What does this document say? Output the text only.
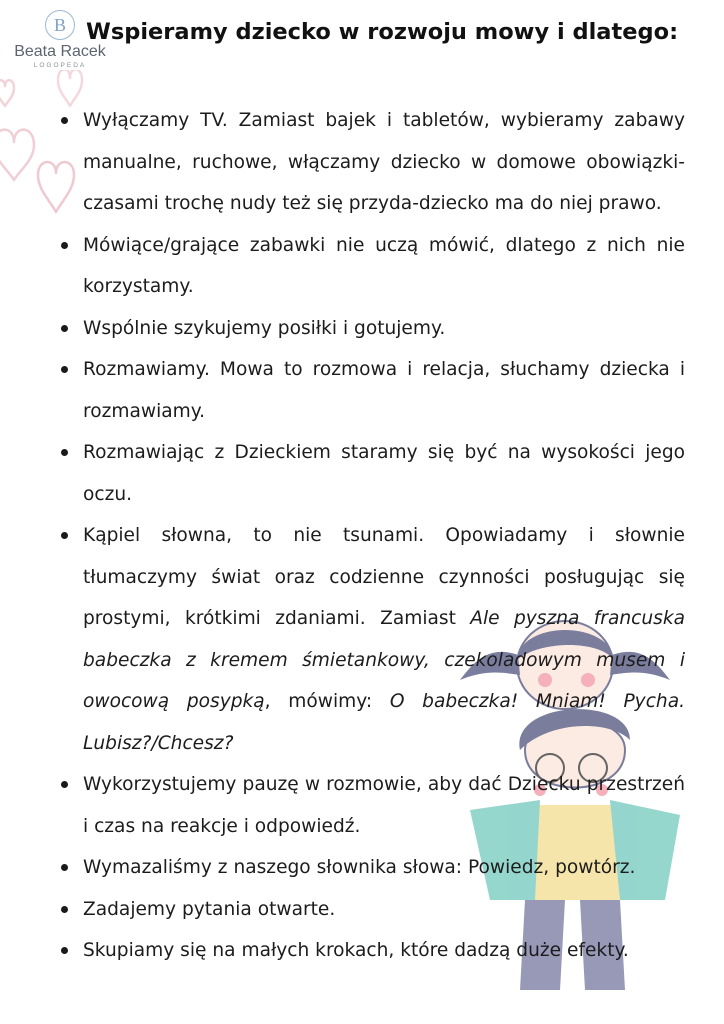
B
Beata Racek
LOGOPEDA
Wspieramy dziecko w rozwoju mowy i dlatego:
Wyłączamy TV. Zamiast bajek i tabletów, wybieramy zabawy manualne, ruchowe, włączamy dziecko w domowe obowiązki- czasami trochę nudy też się przyda-dziecko ma do niej prawo.
Mówiące/grające zabawki nie uczą mówić, dlatego z nich nie korzystamy.
Wspólnie szykujemy posiłki i gotujemy.
Rozmawiamy. Mowa to rozmowa i relacja, słuchamy dziecka i rozmawiamy.
Rozmawiając z Dzieckiem staramy się być na wysokości jego oczu.
Kąpiel słowna, to nie tsunami. Opowiadamy i słownie tłumaczymy świat oraz codzienne czynności posługując się prostymi, krótkimi zdaniami. Zamiast Ale pyszna francuska babeczka z kremem śmietankowy, czekoladowym musem i owocową posypką, mówimy: O babeczka! Mniam! Pycha. Lubisz?/Chcesz?
Wykorzystujemy pauzę w rozmowie, aby dać Dziecku przestrzeń i czas na reakcje i odpowiedź.
Wymazaliśmy z naszego słownika słowa: Powiedz, powtórz.
Zadajemy pytania otwarte.
Skupiamy się na małych krokach, które dadzą duże efekty.
